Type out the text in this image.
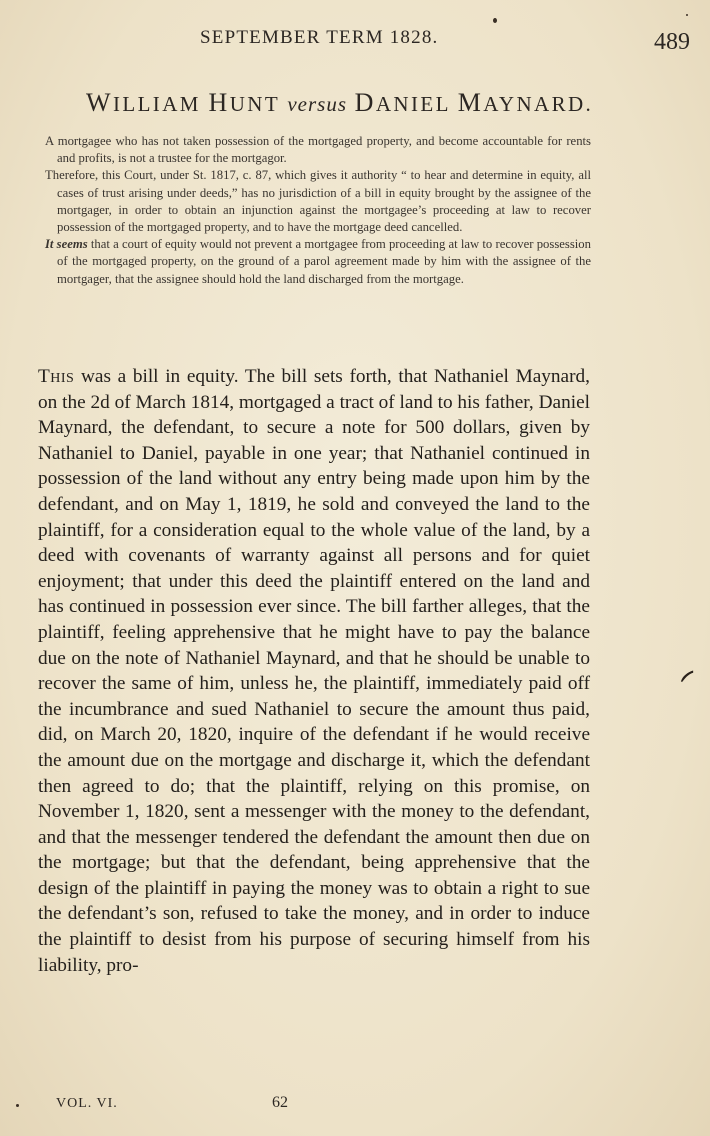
SEPTEMBER TERM 1828.	489
WILLIAM HUNT versus DANIEL MAYNARD.

A mortgagee who has not taken possession of the mortgaged property, and become accountable for rents and profits, is not a trustee for the mortgagor.

Therefore, this Court, under St. 1817, c. 87, which gives it authority “ to hear and determine in equity, all cases of trust arising under deeds,” has no jurisdiction of a bill in equity brought by the assignee of the mortgager, in order to obtain an injunction against the mortgagee’s proceeding at law to recover possession of the mortgaged property, and to have the mortgage deed cancelled.

It seems that a court of equity would not prevent a mortgagee from proceeding at law to recover possession of the mortgaged property, on the ground of a parol agreement made by him with the assignee of the mortgager, that the assignee should hold the land discharged from the mortgage.

This was a bill in equity. The bill sets forth, that Nathaniel Maynard, on the 2d of March 1814, mortgaged a tract of land to his father, Daniel Maynard, the defendant, to secure a note for 500 dollars, given by Nathaniel to Daniel, payable in one year; that Nathaniel continued in possession of the land without any entry being made upon him by the defendant, and on May 1, 1819, he sold and conveyed the land to the plaintiff, for a consideration equal to the whole value of the land, by a deed with covenants of warranty against all persons and for quiet enjoyment; that under this deed the plaintiff entered on the land and has continued in possession ever since. The bill farther alleges, that the plaintiff, feeling apprehensive that he might have to pay the balance due on the note of Nathaniel Maynard, and that he should be unable to recover the same of him, unless he, the plaintiff, immediately paid off the incumbrance and sued Nathaniel to secure the amount thus paid, did, on March 20, 1820, inquire of the defendant if he would receive the amount due on the mortgage and discharge it, which the defendant then agreed to do; that the plaintiff, relying on this promise, on November 1, 1820, sent a messenger with the money to the defendant, and that the messenger tendered the defendant the amount then due on the mortgage; but that the defendant, being apprehensive that the design of the plaintiff in paying the money was to obtain a right to sue the defendant’s son, refused to take the money, and in order to induce the plaintiff to desist from his purpose of securing himself from his liability, pro-
VOL. VI.	62
